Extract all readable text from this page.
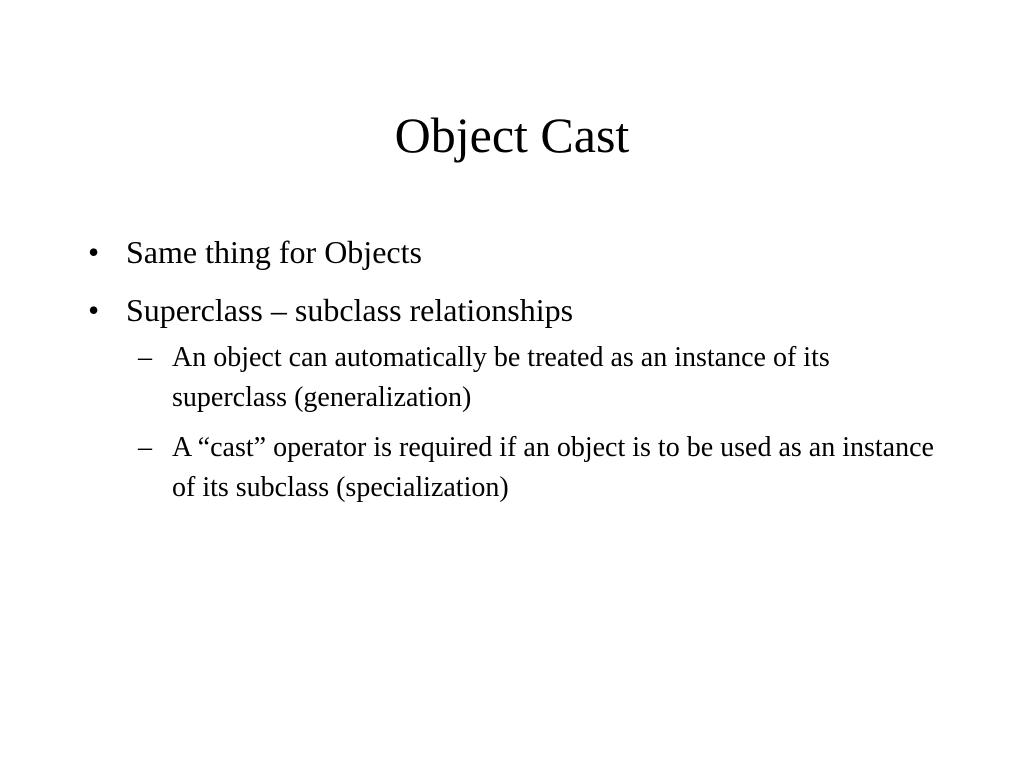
Object Cast
• Same thing for Objects
• Superclass – subclass relationships
– An object can automatically be treated as an instance of its superclass (generalization)
– A “cast” operator is required if an object is to be used as an instance of its subclass (specialization)
